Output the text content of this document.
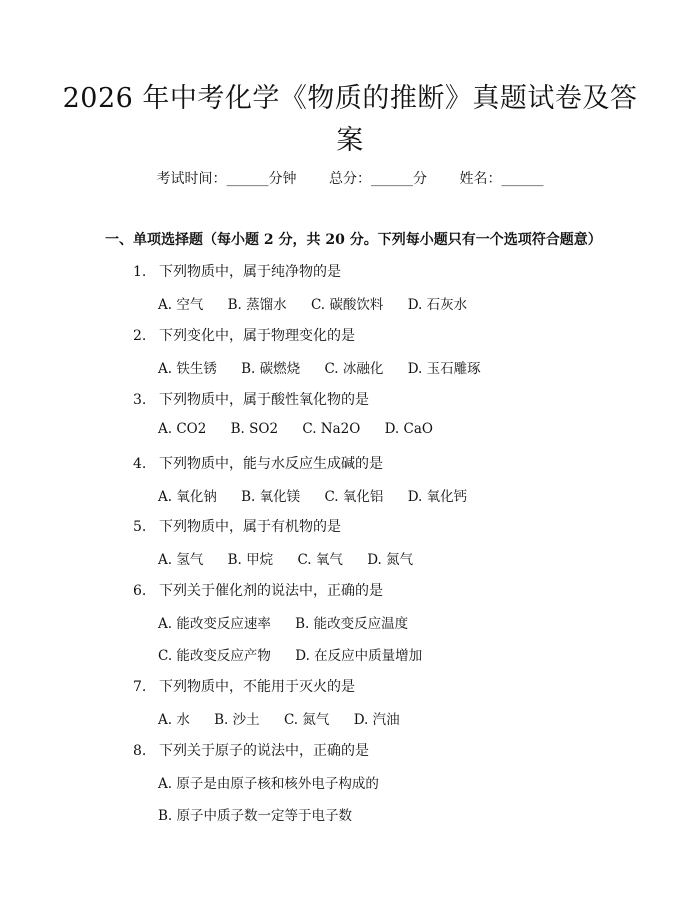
2026 年中考化学《物质的推断》真题试卷及答案
考试时间：______分钟 总分：______分 姓名：______
一、单项选择题（每小题 2 分，共 20 分。下列每小题只有一个选项符合题意）
1. 下列物质中，属于纯净物的是
A. 空气 B. 蒸馏水 C. 碳酸饮料 D. 石灰水
2. 下列变化中，属于物理变化的是
A. 铁生锈 B. 碳燃烧 C. 冰融化 D. 玉石雕琢
3. 下列物质中，属于酸性氧化物的是
A. CO2 B. SO2 C. Na2O D. CaO
4. 下列物质中，能与水反应生成碱的是
A. 氧化钠 B. 氧化镁 C. 氧化铝 D. 氧化钙
5. 下列物质中，属于有机物的是
A. 氢气 B. 甲烷 C. 氧气 D. 氮气
6. 下列关于催化剂的说法中，正确的是
A. 能改变反应速率 B. 能改变反应温度
C. 能改变反应产物 D. 在反应中质量增加
7. 下列物质中，不能用于灭火的是
A. 水 B. 沙土 C. 氮气 D. 汽油
8. 下列关于原子的说法中，正确的是
A. 原子是由原子核和核外电子构成的
B. 原子中质子数一定等于电子数
